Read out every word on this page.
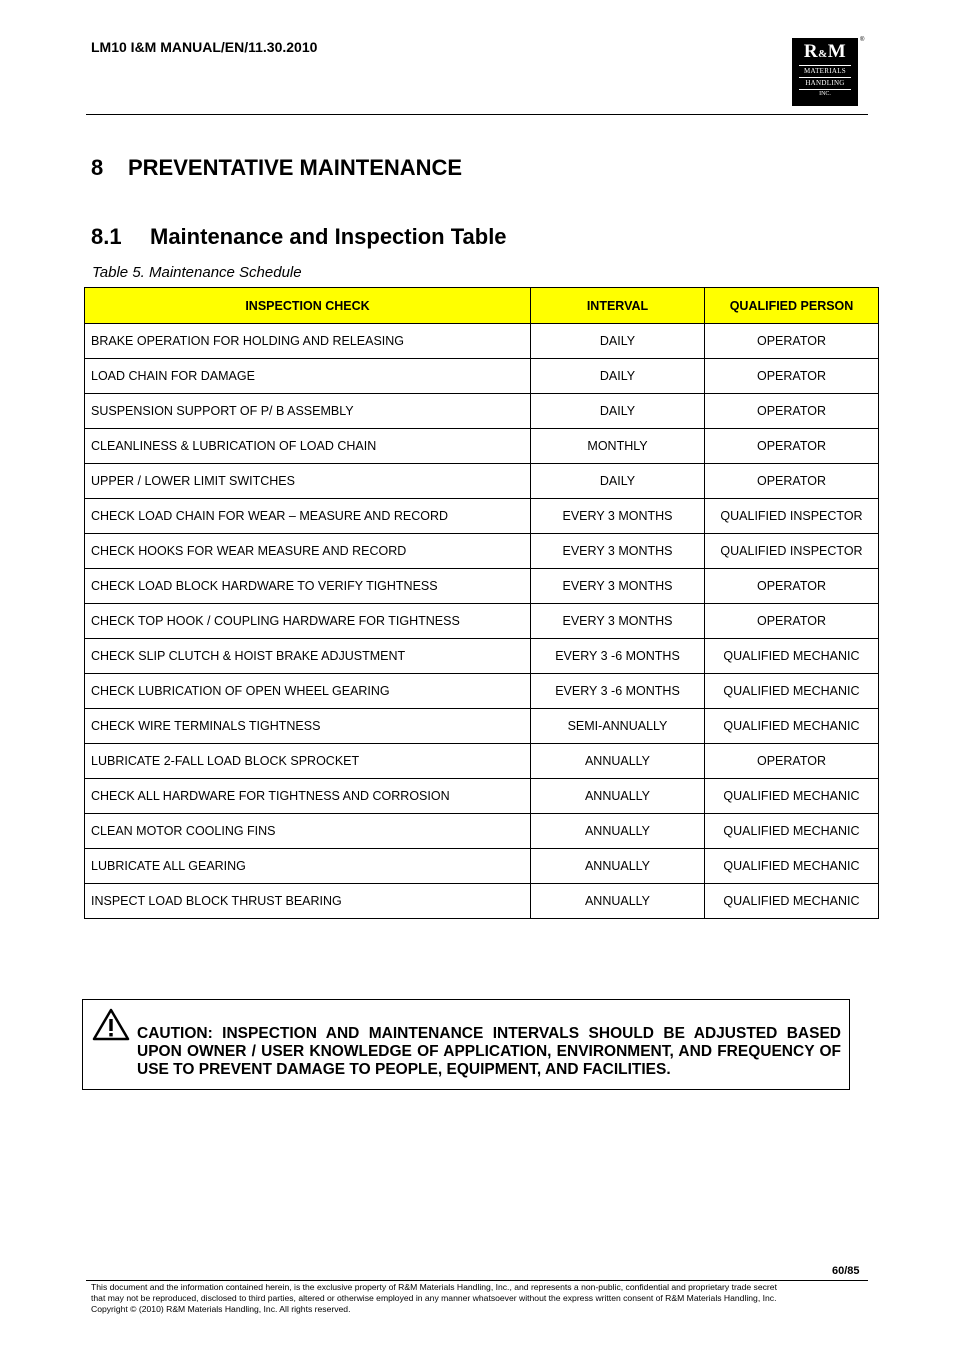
LM10 I&M MANUAL/EN/11.30.2010	R&M
MATERIALS
HANDLING
INC.
®
8 PREVENTATIVE MAINTENANCE
8.1 Maintenance and Inspection Table
Table 5. Maintenance Schedule
INSPECTION CHECK	INTERVAL	QUALIFIED PERSON
BRAKE OPERATION FOR HOLDING AND RELEASING	DAILY	OPERATOR
LOAD CHAIN FOR DAMAGE	DAILY	OPERATOR
SUSPENSION SUPPORT OF P/ B ASSEMBLY	DAILY	OPERATOR
CLEANLINESS & LUBRICATION OF LOAD CHAIN	MONTHLY	OPERATOR
UPPER / LOWER LIMIT SWITCHES	DAILY	OPERATOR
CHECK LOAD CHAIN FOR WEAR – MEASURE AND RECORD	EVERY 3 MONTHS	QUALIFIED INSPECTOR
CHECK HOOKS FOR WEAR MEASURE AND RECORD	EVERY 3 MONTHS	QUALIFIED INSPECTOR
CHECK LOAD BLOCK HARDWARE TO VERIFY TIGHTNESS	EVERY 3 MONTHS	OPERATOR
CHECK TOP HOOK / COUPLING HARDWARE FOR TIGHTNESS	EVERY 3 MONTHS	OPERATOR
CHECK SLIP CLUTCH & HOIST BRAKE ADJUSTMENT	EVERY 3 -6 MONTHS	QUALIFIED MECHANIC
CHECK LUBRICATION OF OPEN WHEEL GEARING	EVERY 3 -6 MONTHS	QUALIFIED MECHANIC
CHECK WIRE TERMINALS TIGHTNESS	SEMI-ANNUALLY	QUALIFIED MECHANIC
LUBRICATE 2-FALL LOAD BLOCK SPROCKET	ANNUALLY	OPERATOR
CHECK ALL HARDWARE FOR TIGHTNESS AND CORROSION	ANNUALLY	QUALIFIED MECHANIC
CLEAN MOTOR COOLING FINS	ANNUALLY	QUALIFIED MECHANIC
LUBRICATE ALL GEARING	ANNUALLY	QUALIFIED MECHANIC
INSPECT LOAD BLOCK THRUST BEARING	ANNUALLY	QUALIFIED MECHANIC
CAUTION: INSPECTION AND MAINTENANCE INTERVALS SHOULD BE ADJUSTED BASED UPON OWNER / USER KNOWLEDGE OF APPLICATION, ENVIRONMENT, AND FREQUENCY OF USE TO PREVENT DAMAGE TO PEOPLE, EQUIPMENT, AND FACILITIES.
60/85
This document and the information contained herein, is the exclusive property of R&M Materials Handling, Inc., and represents a non-public, confidential and proprietary trade secret
that may not be reproduced, disclosed to third parties, altered or otherwise employed in any manner whatsoever without the express written consent of R&M Materials Handling, Inc.
Copyright © (2010) R&M Materials Handling, Inc. All rights reserved.
